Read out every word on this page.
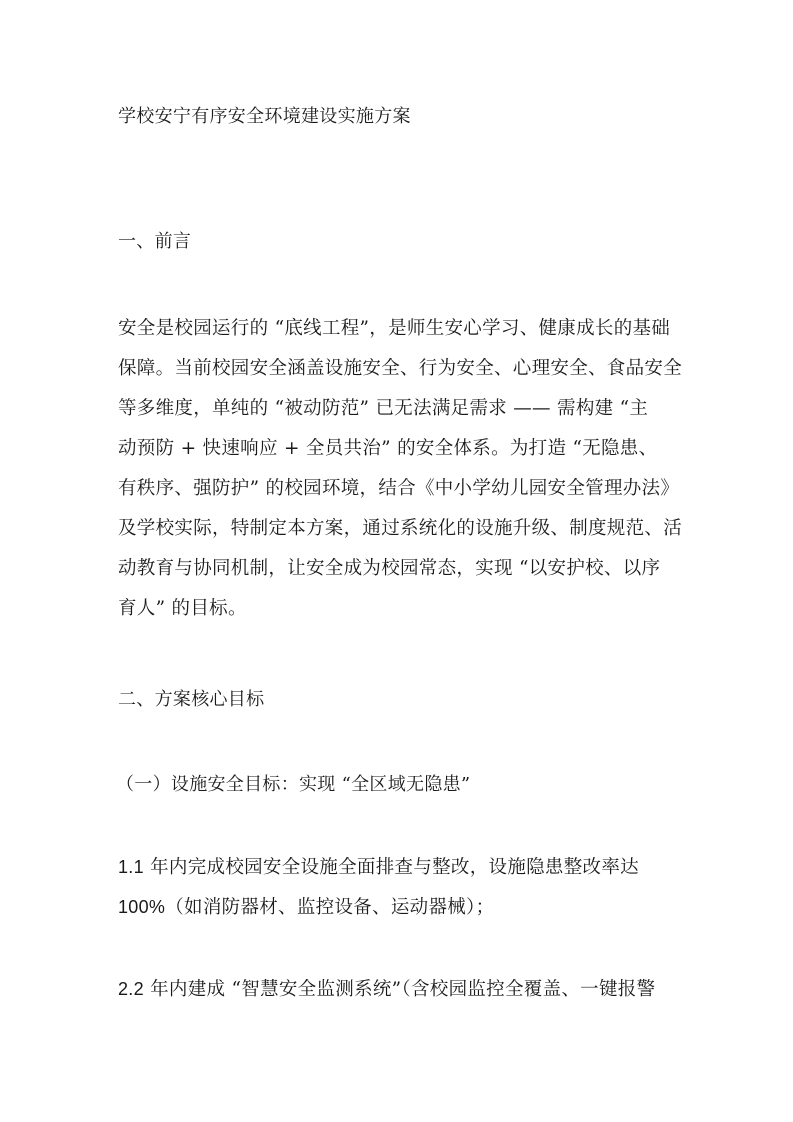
学校安宁有序安全环境建设实施方案
一、前言
安全是校园运行的 “底线工程”，是师生安心学习、健康成长的基础
保障。当前校园安全涵盖设施安全、行为安全、心理安全、食品安全
等多维度，单纯的 “被动防范” 已无法满足需求 —— 需构建 “主
动预防 + 快速响应 + 全员共治” 的安全体系。为打造 “无隐患、
有秩序、强防护” 的校园环境，结合《中小学幼儿园安全管理办法》
及学校实际，特制定本方案，通过系统化的设施升级、制度规范、活
动教育与协同机制，让安全成为校园常态，实现 “以安护校、以序
育人” 的目标。
二、方案核心目标
（一）设施安全目标：实现 “全区域无隐患”
1.1 年内完成校园安全设施全面排查与整改，设施隐患整改率达
100%（如消防器材、监控设备、运动器械）；
2.2 年内建成 “智慧安全监测系统”（含校园监控全覆盖、一键报警
